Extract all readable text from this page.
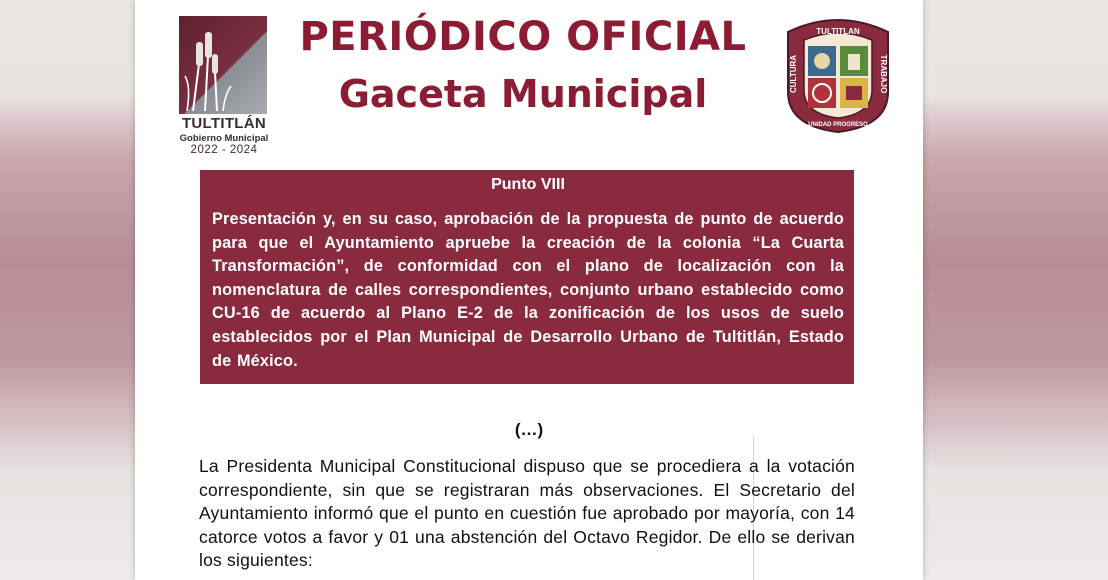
TULTITLÁN
Gobierno Municipal
2022 - 2024
PERIÓDICO OFICIAL
Gaceta Municipal
TULTITLAN
CULTURA	TRABAJO
UNIDAD PROGRESO
Punto VIII
Presentación y, en su caso, aprobación de la propuesta de punto de acuerdo para que el Ayuntamiento apruebe la creación de la colonia “La Cuarta Transformación”, de conformidad con el plano de localización con la nomenclatura de calles correspondientes, conjunto urbano establecido como CU-16 de acuerdo al Plano E-2 de la zonificación de los usos de suelo establecidos por el Plan Municipal de Desarrollo Urbano de Tultitlán, Estado de México.
(…)
La Presidenta Municipal Constitucional dispuso que se procediera a la votación correspondiente, sin que se registraran más observaciones. El Secretario del Ayuntamiento informó que el punto en cuestión fue aprobado por mayoría, con 14 catorce votos a favor y 01 una abstención del Octavo Regidor. De ello se derivan los siguientes:
